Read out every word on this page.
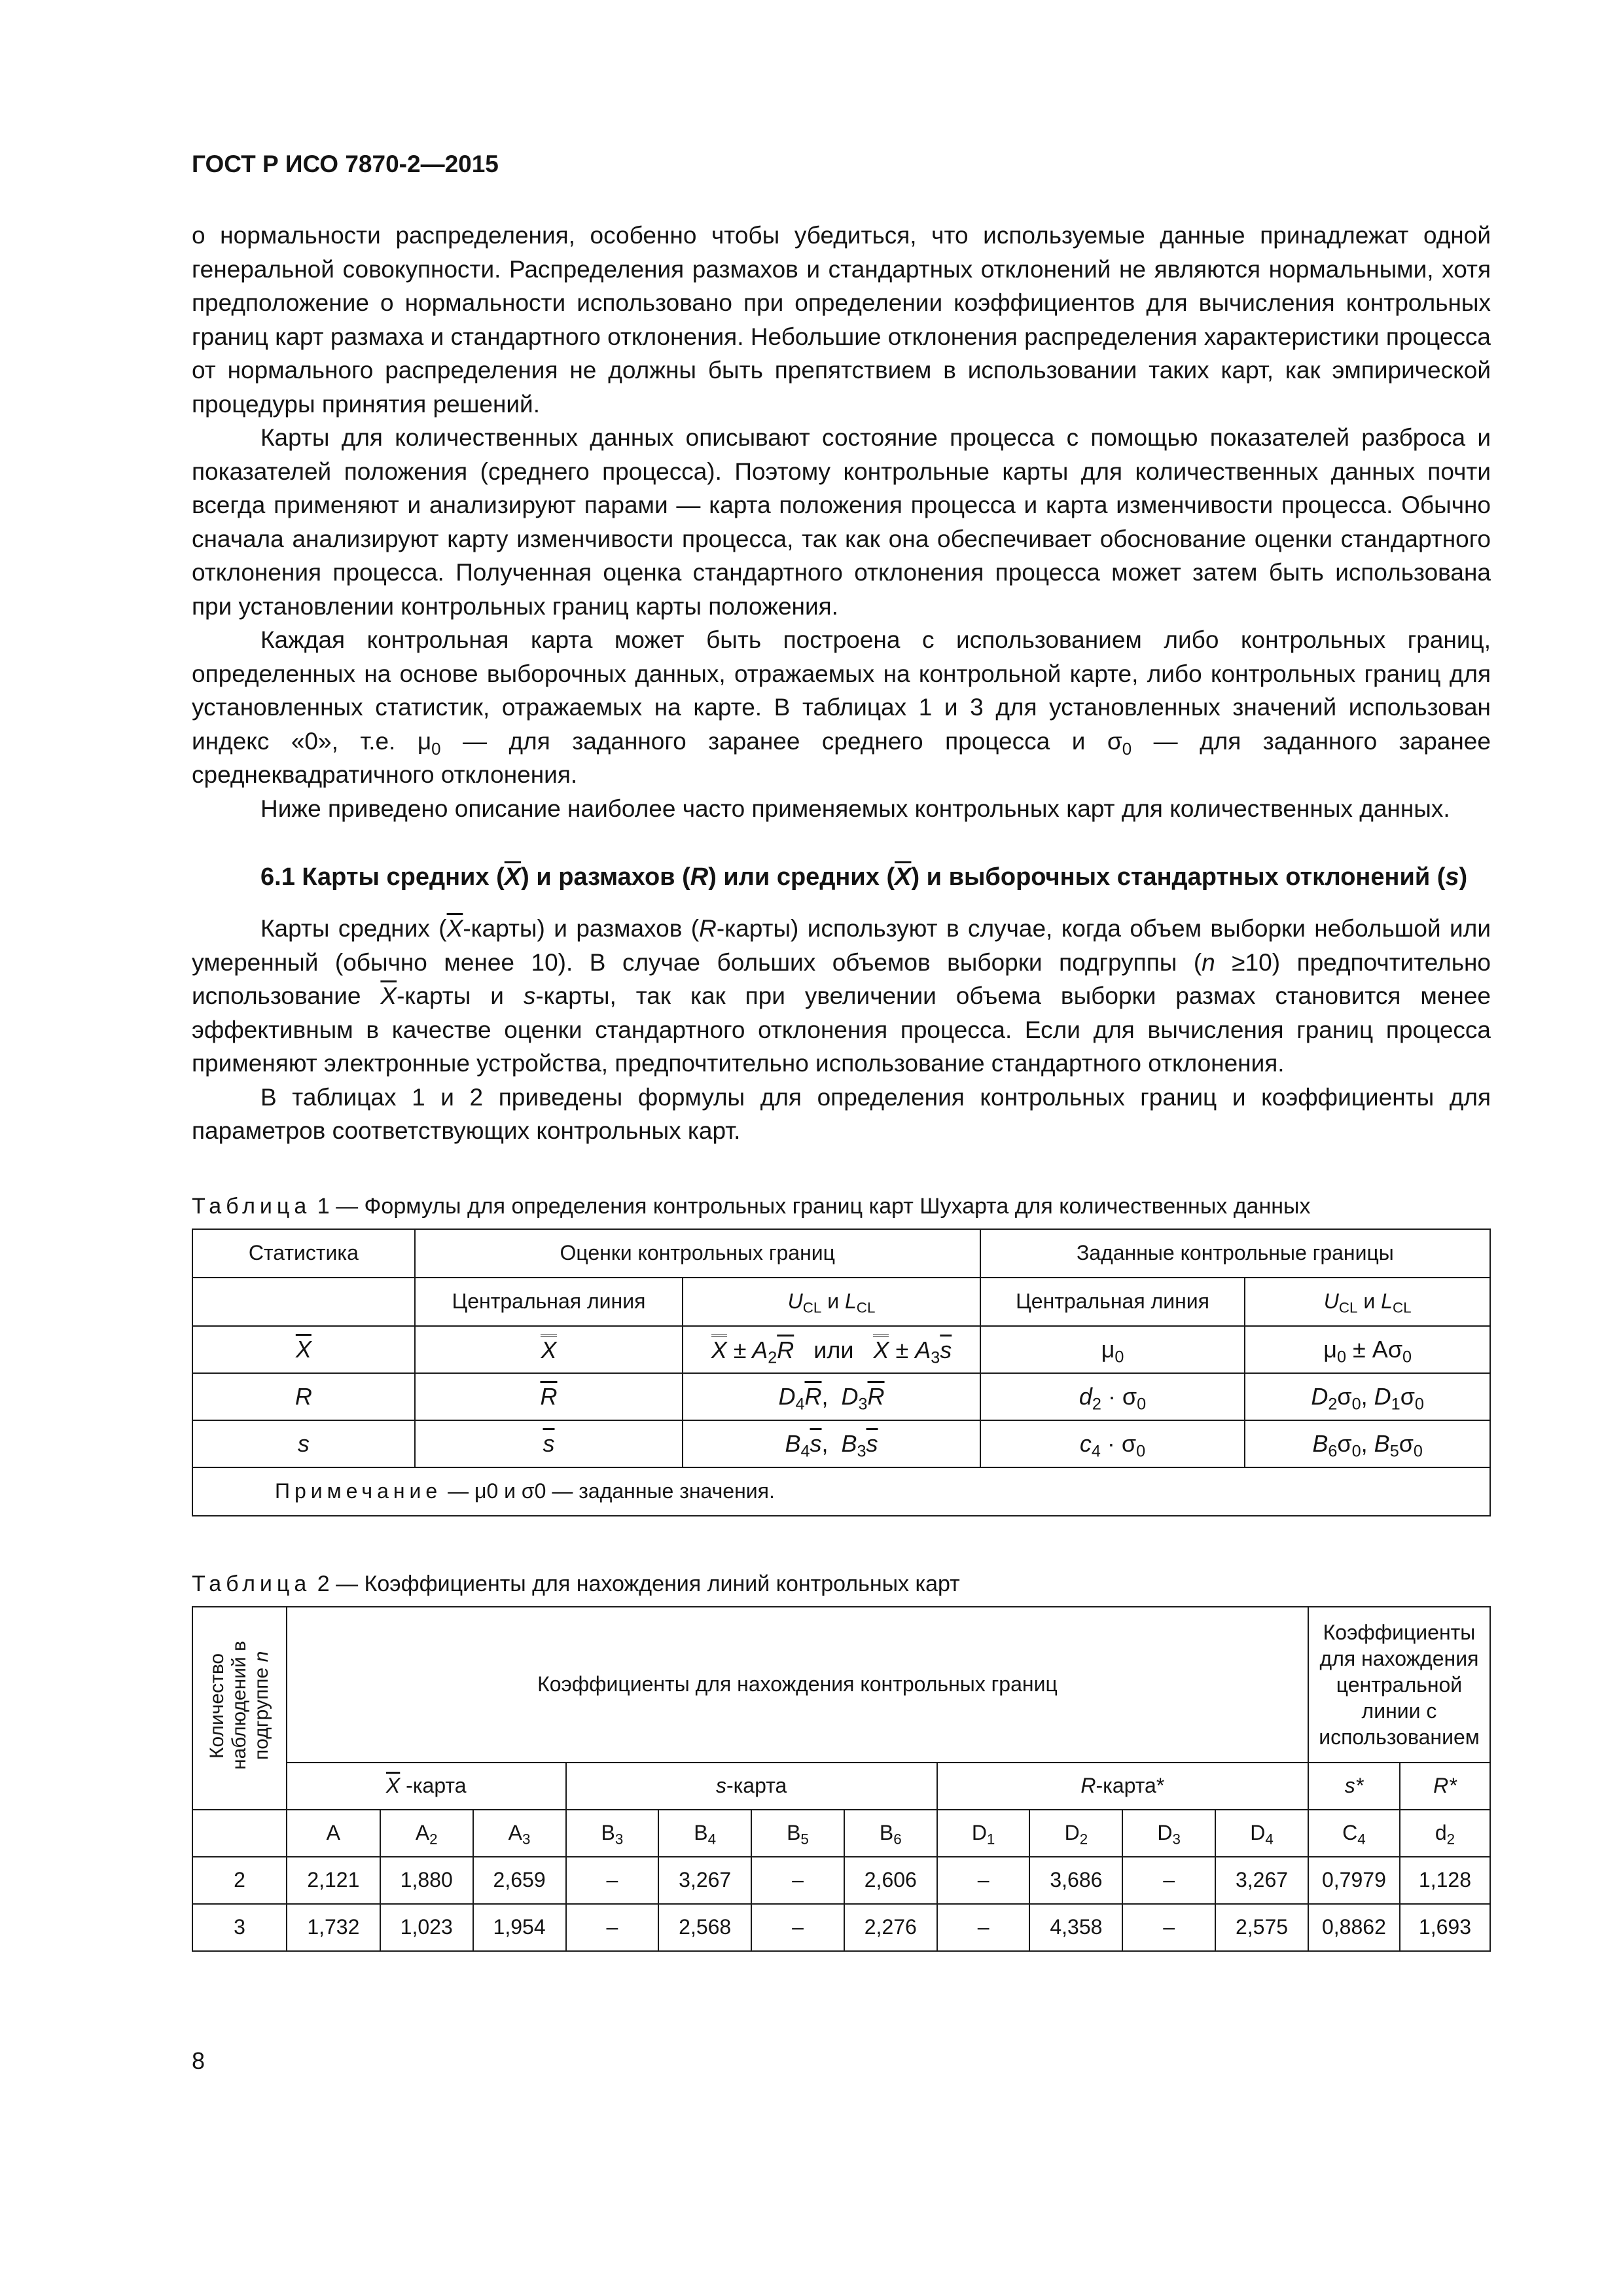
ГОСТ Р ИСО 7870-2—2015

о нормальности распределения, особенно чтобы убедиться, что используемые данные принадлежат одной генеральной совокупности. Распределения размахов и стандартных отклонений не являются нормальными, хотя предположение о нормальности использовано при определении коэффициентов для вычисления контрольных границ карт размаха и стандартного отклонения. Небольшие отклонения распределения характеристики процесса от нормального распределения не должны быть препятствием в использовании таких карт, как эмпирической процедуры принятия решений.

Карты для количественных данных описывают состояние процесса с помощью показателей разброса и показателей положения (среднего процесса). Поэтому контрольные карты для количественных данных почти всегда применяют и анализируют парами — карта положения процесса и карта изменчивости процесса. Обычно сначала анализируют карту изменчивости процесса, так как она обеспечивает обоснование оценки стандартного отклонения процесса. Полученная оценка стандартного отклонения процесса может затем быть использована при установлении контрольных границ карты положения.

Каждая контрольная карта может быть построена с использованием либо контрольных границ, определенных на основе выборочных данных, отражаемых на контрольной карте, либо контрольных границ для установленных статистик, отражаемых на карте. В таблицах 1 и 3 для установленных значений использован индекс «0», т.е. $\mu_0$ — для заданного заранее среднего процесса и $\sigma_0$ — для заданного заранее среднеквадратичного отклонения.

Ниже приведено описание наиболее часто применяемых контрольных карт для количественных данных.

6.1 Карты средних (X) и размахов (R) или средних (X) и выборочных стандартных отклонений (s)

Карты средних $(\overline{X}-карты)$ и размахов (R-карты) используют в случае, когда объем выборки небольшой или умеренный (обычно менее 10). В случае больших объемов выборки подгруппы (n ≥10) предпочтительно использование $\overline{X}$-карты и s-карты, так как при увеличении объема выборки размах становится менее эффективным в качестве оценки стандартного отклонения процесса. Если для вычисления границ процесса применяют электронные устройства, предпочтительно использование стандартного отклонения.

В таблицах 1 и 2 приведены формулы для определения контрольных границ и коэффициенты для параметров соответствующих контрольных карт.

Таблица 1 — Формулы для определения контрольных границ карт Шухарта для количественных данных
Статистика	Оценки контрольных границ		Заданные контрольные границы	
	Центральная линия	$U_{CL}$ и $L_{CL}$	Центральная линия	$U_{CL}$ и $L_{CL}$
$\overline{X}$	X	$X \pm A_2\overline{R}$   или   $X \pm A_3\overline{s}$	$\mu_0$	$\mu_0 \pm A\sigma_0$
R	$\overline{R}$	$D_4\overline{R}$,  $D_3\overline{R}$	$d_2 \cdot \sigma_0$	$D_2\sigma_0$, $D_1\sigma_0$
s	$\overline{s}$	$B_4\overline{s}$,  $B_3\overline{s}$	$c_4 \cdot \sigma_0$	$B_6\sigma_0$, $B_5\sigma_0$
Примечание — μ0 и σ0 — заданные значения.				
Таблица 2 — Коэффициенты для нахождения линий контрольных карт
Количество наблюдений в подгруппе n	Коэффициенты для нахождения контрольных границ											Коэффициенты для нахождения центральной линии с использованием	
	$\overline{X}$ -карта			s-карта				R-карта*				s*	R*
	A	$A_2$	$A_3$	$B_3$	$B_4$	$B_5$	$B_6$	$D_1$	$D_2$	$D_3$	$D_4$	$C_4$	$d_2$
2	2,121	1,880	2,659	–	3,267	–	2,606	–	3,686	–	3,267	0,7979	1,128
3	1,732	1,023	1,954	–	2,568	–	2,276	–	4,358	–	2,575	0,8862	1,693
8
